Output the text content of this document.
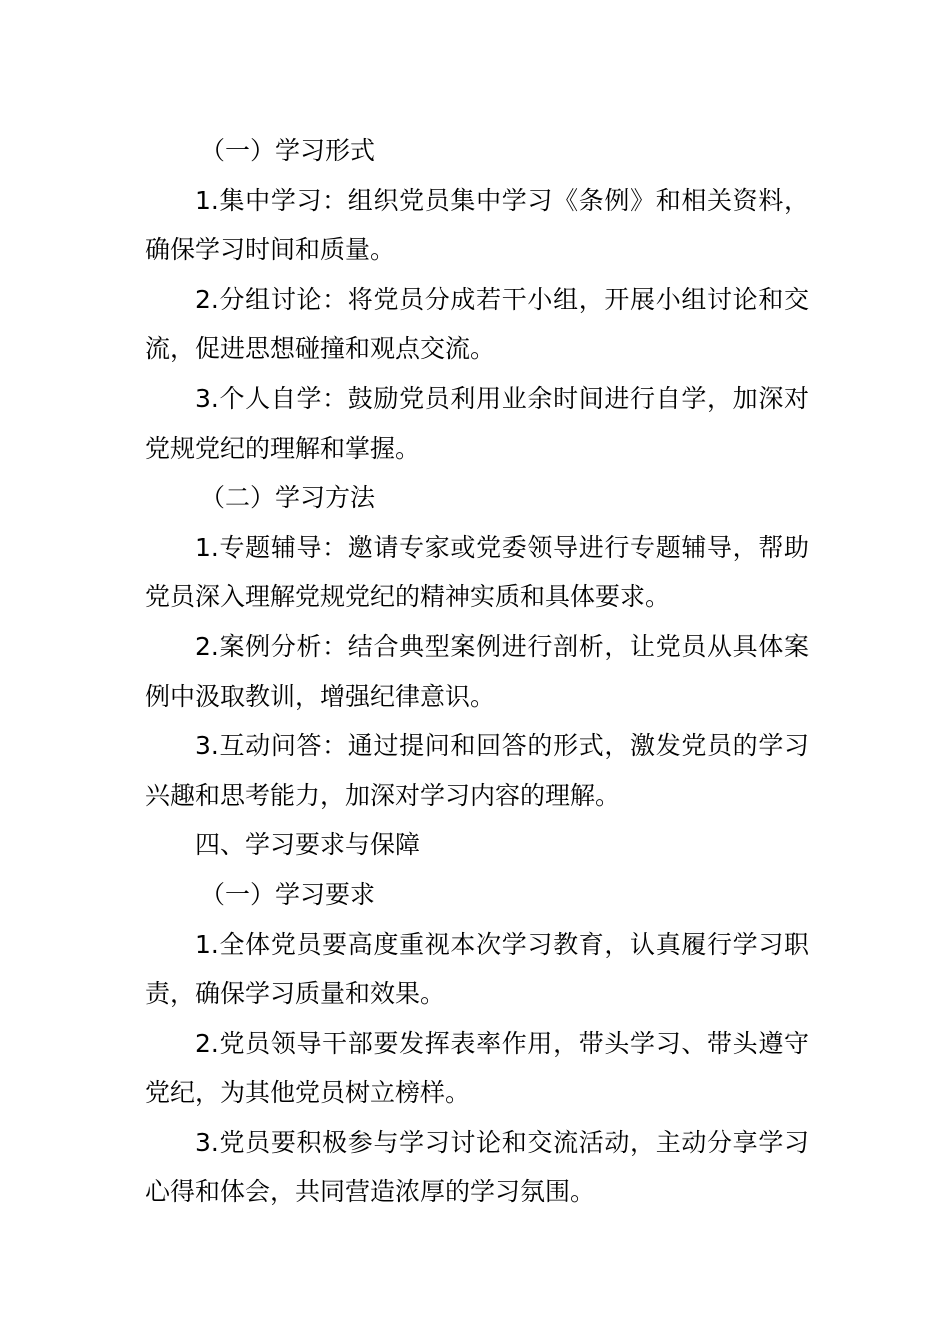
（一）学习形式

1.集中学习：组织党员集中学习《条例》和相关资料，确保学习时间和质量。

2.分组讨论：将党员分成若干小组，开展小组讨论和交流，促进思想碰撞和观点交流。

3.个人自学：鼓励党员利用业余时间进行自学，加深对党规党纪的理解和掌握。

（二）学习方法

1.专题辅导：邀请专家或党委领导进行专题辅导，帮助党员深入理解党规党纪的精神实质和具体要求。

2.案例分析：结合典型案例进行剖析，让党员从具体案例中汲取教训，增强纪律意识。

3.互动问答：通过提问和回答的形式，激发党员的学习兴趣和思考能力，加深对学习内容的理解。

四、学习要求与保障

（一）学习要求

1.全体党员要高度重视本次学习教育，认真履行学习职责，确保学习质量和效果。

2.党员领导干部要发挥表率作用，带头学习、带头遵守党纪，为其他党员树立榜样。

3.党员要积极参与学习讨论和交流活动，主动分享学习心得和体会，共同营造浓厚的学习氛围。
